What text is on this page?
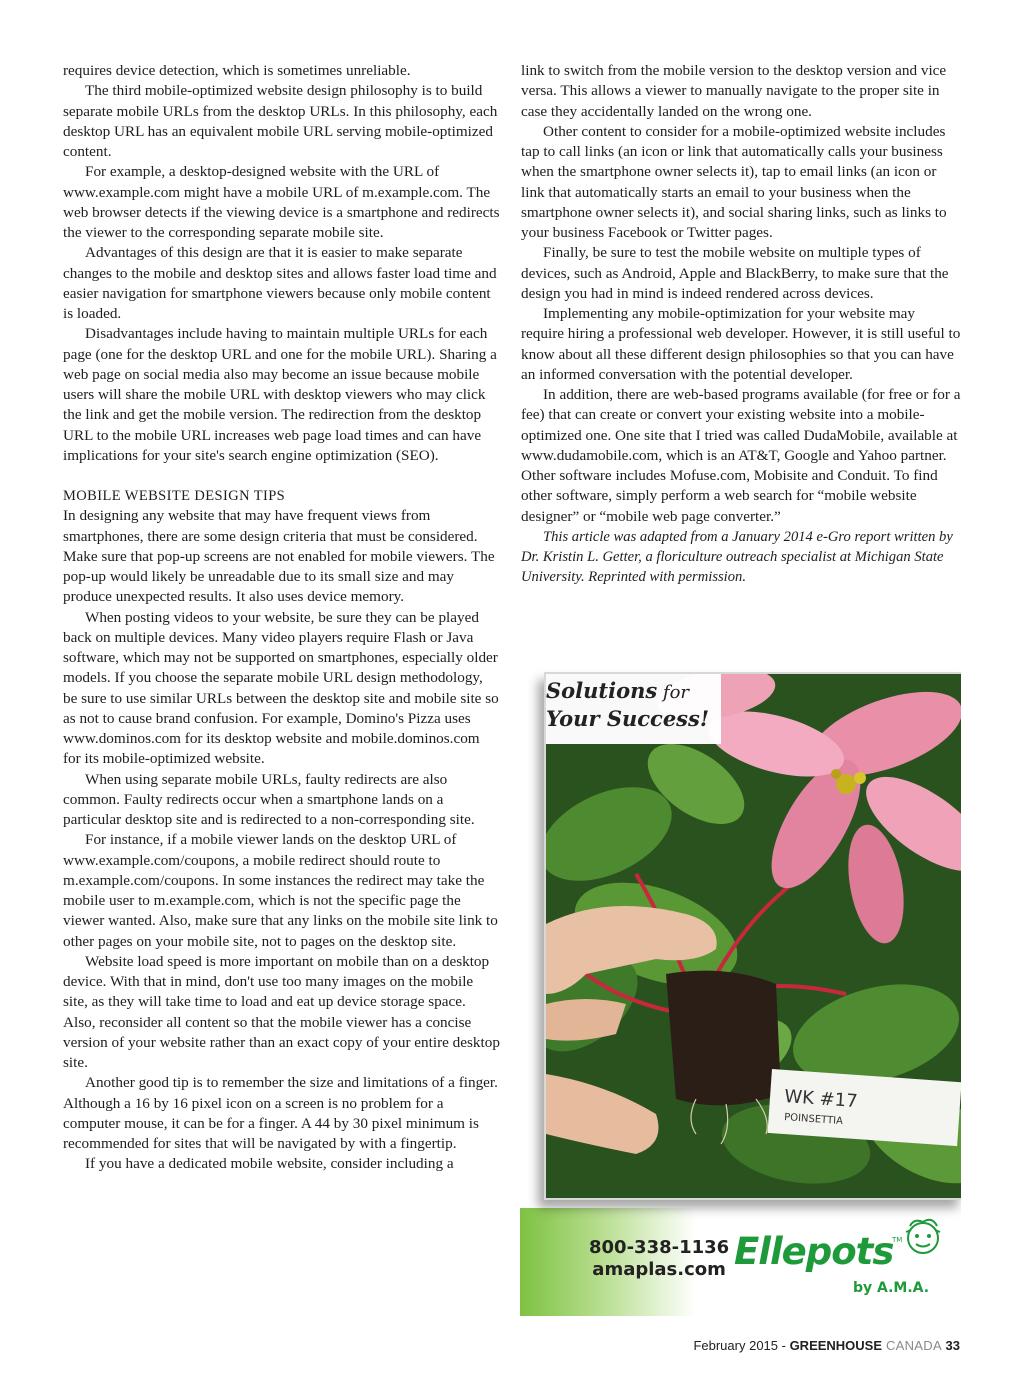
requires device detection, which is sometimes unreliable.

The third mobile-optimized website design philosophy is to build separate mobile URLs from the desktop URLs. In this philosophy, each desktop URL has an equivalent mobile URL serving mobile-optimized content.

For example, a desktop-designed website with the URL of www.example.com might have a mobile URL of m.example.com. The web browser detects if the viewing device is a smartphone and redirects the viewer to the corresponding separate mobile site.

Advantages of this design are that it is easier to make separate changes to the mobile and desktop sites and allows faster load time and easier navigation for smartphone viewers because only mobile content is loaded.

Disadvantages include having to maintain multiple URLs for each page (one for the desktop URL and one for the mobile URL). Sharing a web page on social media also may become an issue because mobile users will share the mobile URL with desktop viewers who may click the link and get the mobile version. The redirection from the desktop URL to the mobile URL increases web page load times and can have implications for your site's search engine optimization (SEO).

MOBILE WEBSITE DESIGN TIPS

In designing any website that may have frequent views from smartphones, there are some design criteria that must be considered. Make sure that pop-up screens are not enabled for mobile viewers. The pop-up would likely be unreadable due to its small size and may produce unexpected results. It also uses device memory.

When posting videos to your website, be sure they can be played back on multiple devices. Many video players require Flash or Java software, which may not be supported on smartphones, especially older models. If you choose the separate mobile URL design methodology, be sure to use similar URLs between the desktop site and mobile site so as not to cause brand confusion. For example, Domino's Pizza uses www.dominos.com for its desktop website and mobile.dominos.com for its mobile-optimized website.

When using separate mobile URLs, faulty redirects are also common. Faulty redirects occur when a smartphone lands on a particular desktop site and is redirected to a non-corresponding site.

For instance, if a mobile viewer lands on the desktop URL of www.example.com/coupons, a mobile redirect should route to m.example.com/coupons. In some instances the redirect may take the mobile user to m.example.com, which is not the specific page the viewer wanted. Also, make sure that any links on the mobile site link to other pages on your mobile site, not to pages on the desktop site.

Website load speed is more important on mobile than on a desktop device. With that in mind, don't use too many images on the mobile site, as they will take time to load and eat up device storage space. Also, reconsider all content so that the mobile viewer has a concise version of your website rather than an exact copy of your entire desktop site.

Another good tip is to remember the size and limitations of a finger. Although a 16 by 16 pixel icon on a screen is no problem for a computer mouse, it can be for a finger. A 44 by 30 pixel minimum is recommended for sites that will be navigated by with a fingertip.

If you have a dedicated mobile website, consider including a

link to switch from the mobile version to the desktop version and vice versa. This allows a viewer to manually navigate to the proper site in case they accidentally landed on the wrong one.

Other content to consider for a mobile-optimized website includes tap to call links (an icon or link that automatically calls your business when the smartphone owner selects it), tap to email links (an icon or link that automatically starts an email to your business when the smartphone owner selects it), and social sharing links, such as links to your business Facebook or Twitter pages.

Finally, be sure to test the mobile website on multiple types of devices, such as Android, Apple and BlackBerry, to make sure that the design you had in mind is indeed rendered across devices.

Implementing any mobile-optimization for your website may require hiring a professional web developer. However, it is still useful to know about all these different design philosophies so that you can have an informed conversation with the potential developer.

In addition, there are web-based programs available (for free or for a fee) that can create or convert your existing website into a mobile-optimized one. One site that I tried was called DudaMobile, available at www.dudamobile.com, which is an AT&T, Google and Yahoo partner. Other software includes Mofuse.com, Mobisite and Conduit. To find other software, simply perform a web search for “mobile website designer” or “mobile web page converter.”

This article was adapted from a January 2014 e-Gro report written by Dr. Kristin L. Getter, a floriculture outreach specialist at Michigan State University. Reprinted with permission.

WK #17
POINSETTIA
Solutions for
Your Success!
800-338-1136
amaplas.com Ellepots
TM
by A.M.A.
February 2015 - GREENHOUSE CANADA 33
